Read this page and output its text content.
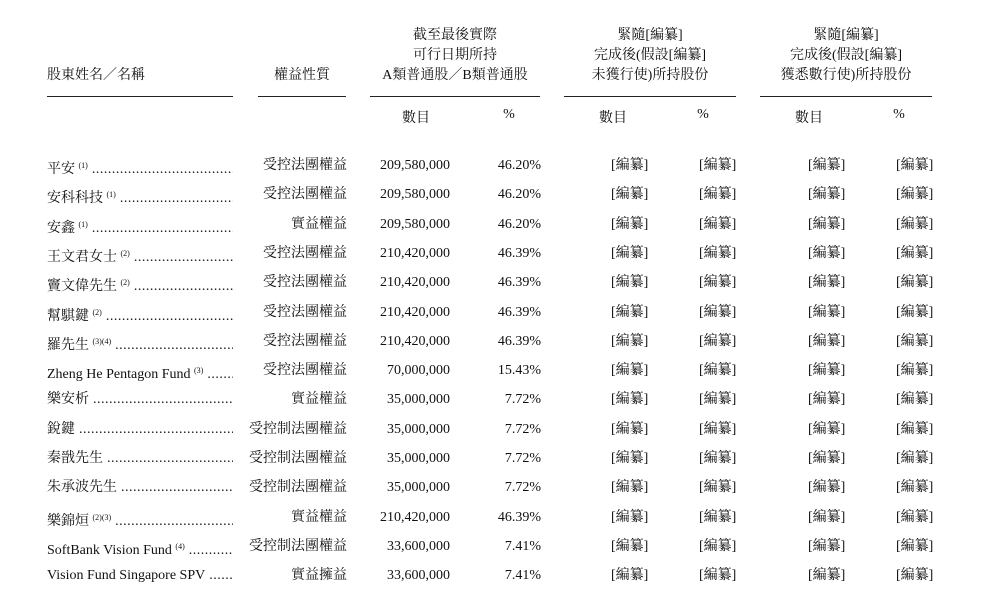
股東姓名／名稱	權益性質
截至最後實際
可行日期所持
A類普通股／B類普通股
緊隨[編纂]
完成後(假設[編纂]
未獲行使)所持股份
緊隨[編纂]
完成後(假設[編纂]
獲悉數行使)所持股份
數目	%	數目	%	數目	%
平安 $^{(1)}$ .....	受控法團權益 209,580,000	46.20%	[編纂]	[編纂]	[編纂]	[編纂]
安科科技 $^{(1)}$ .....	受控法團權益 209,580,000	46.20%	[編纂]	[編纂]	[編纂]	[編纂]
安鑫 $^{(1)}$ .....	實益權益 209,580,000	46.20%	[編纂]	[編纂]	[編纂]	[編纂]
王文君女士 $^{(2)}$ .....	受控法團權益 210,420,000	46.39%	[編纂]	[編纂]	[編纂]	[編纂]
竇文偉先生 $^{(2)}$ .....	受控法團權益 210,420,000	46.39%	[編纂]	[編纂]	[編纂]	[編纂]
幫騏鍵 $^{(2)}$ .....	受控法團權益 210,420,000	46.39%	[編纂]	[編纂]	[編纂]	[編纂]
羅先生 $^{(3)(4)}$ .....	受控法團權益 210,420,000	46.39%	[編纂]	[編纂]	[編纂]	[編纂]
Zheng He Pentagon Fund $^{(3)}$ .....	受控法團權益	70,000,000	15.43%	[編纂]	[編纂]	[編纂]	[編纂]
樂安析 .....	實益權益	35,000,000	7.72%	[編纂]	[編纂]	[編纂]	[編纂]
銳鍵 .....	受控制法團權益	35,000,000	7.72%	[編纂]	[編纂]	[編纂]	[編纂]
秦戩先生 .....	受控制法團權益	35,000,000	7.72%	[編纂]	[編纂]	[編纂]	[編纂]
朱承波先生 .....	受控制法團權益	35,000,000	7.72%	[編纂]	[編纂]	[編纂]	[編纂]
樂錦烜 $^{(2)(3)}$ .....	實益權益 210,420,000	46.39%	[編纂]	[編纂]	[編纂]	[編纂]
SoftBank Vision Fund $^{(4)}$ .....	受控制法團權益	33,600,000	7.41%	[編纂]	[編纂]	[編纂]	[編纂]
Vision Fund Singapore SPV .....	實益擁益	33,600,000	7.41%	[編纂]	[編纂]	[編纂]	[編纂]
